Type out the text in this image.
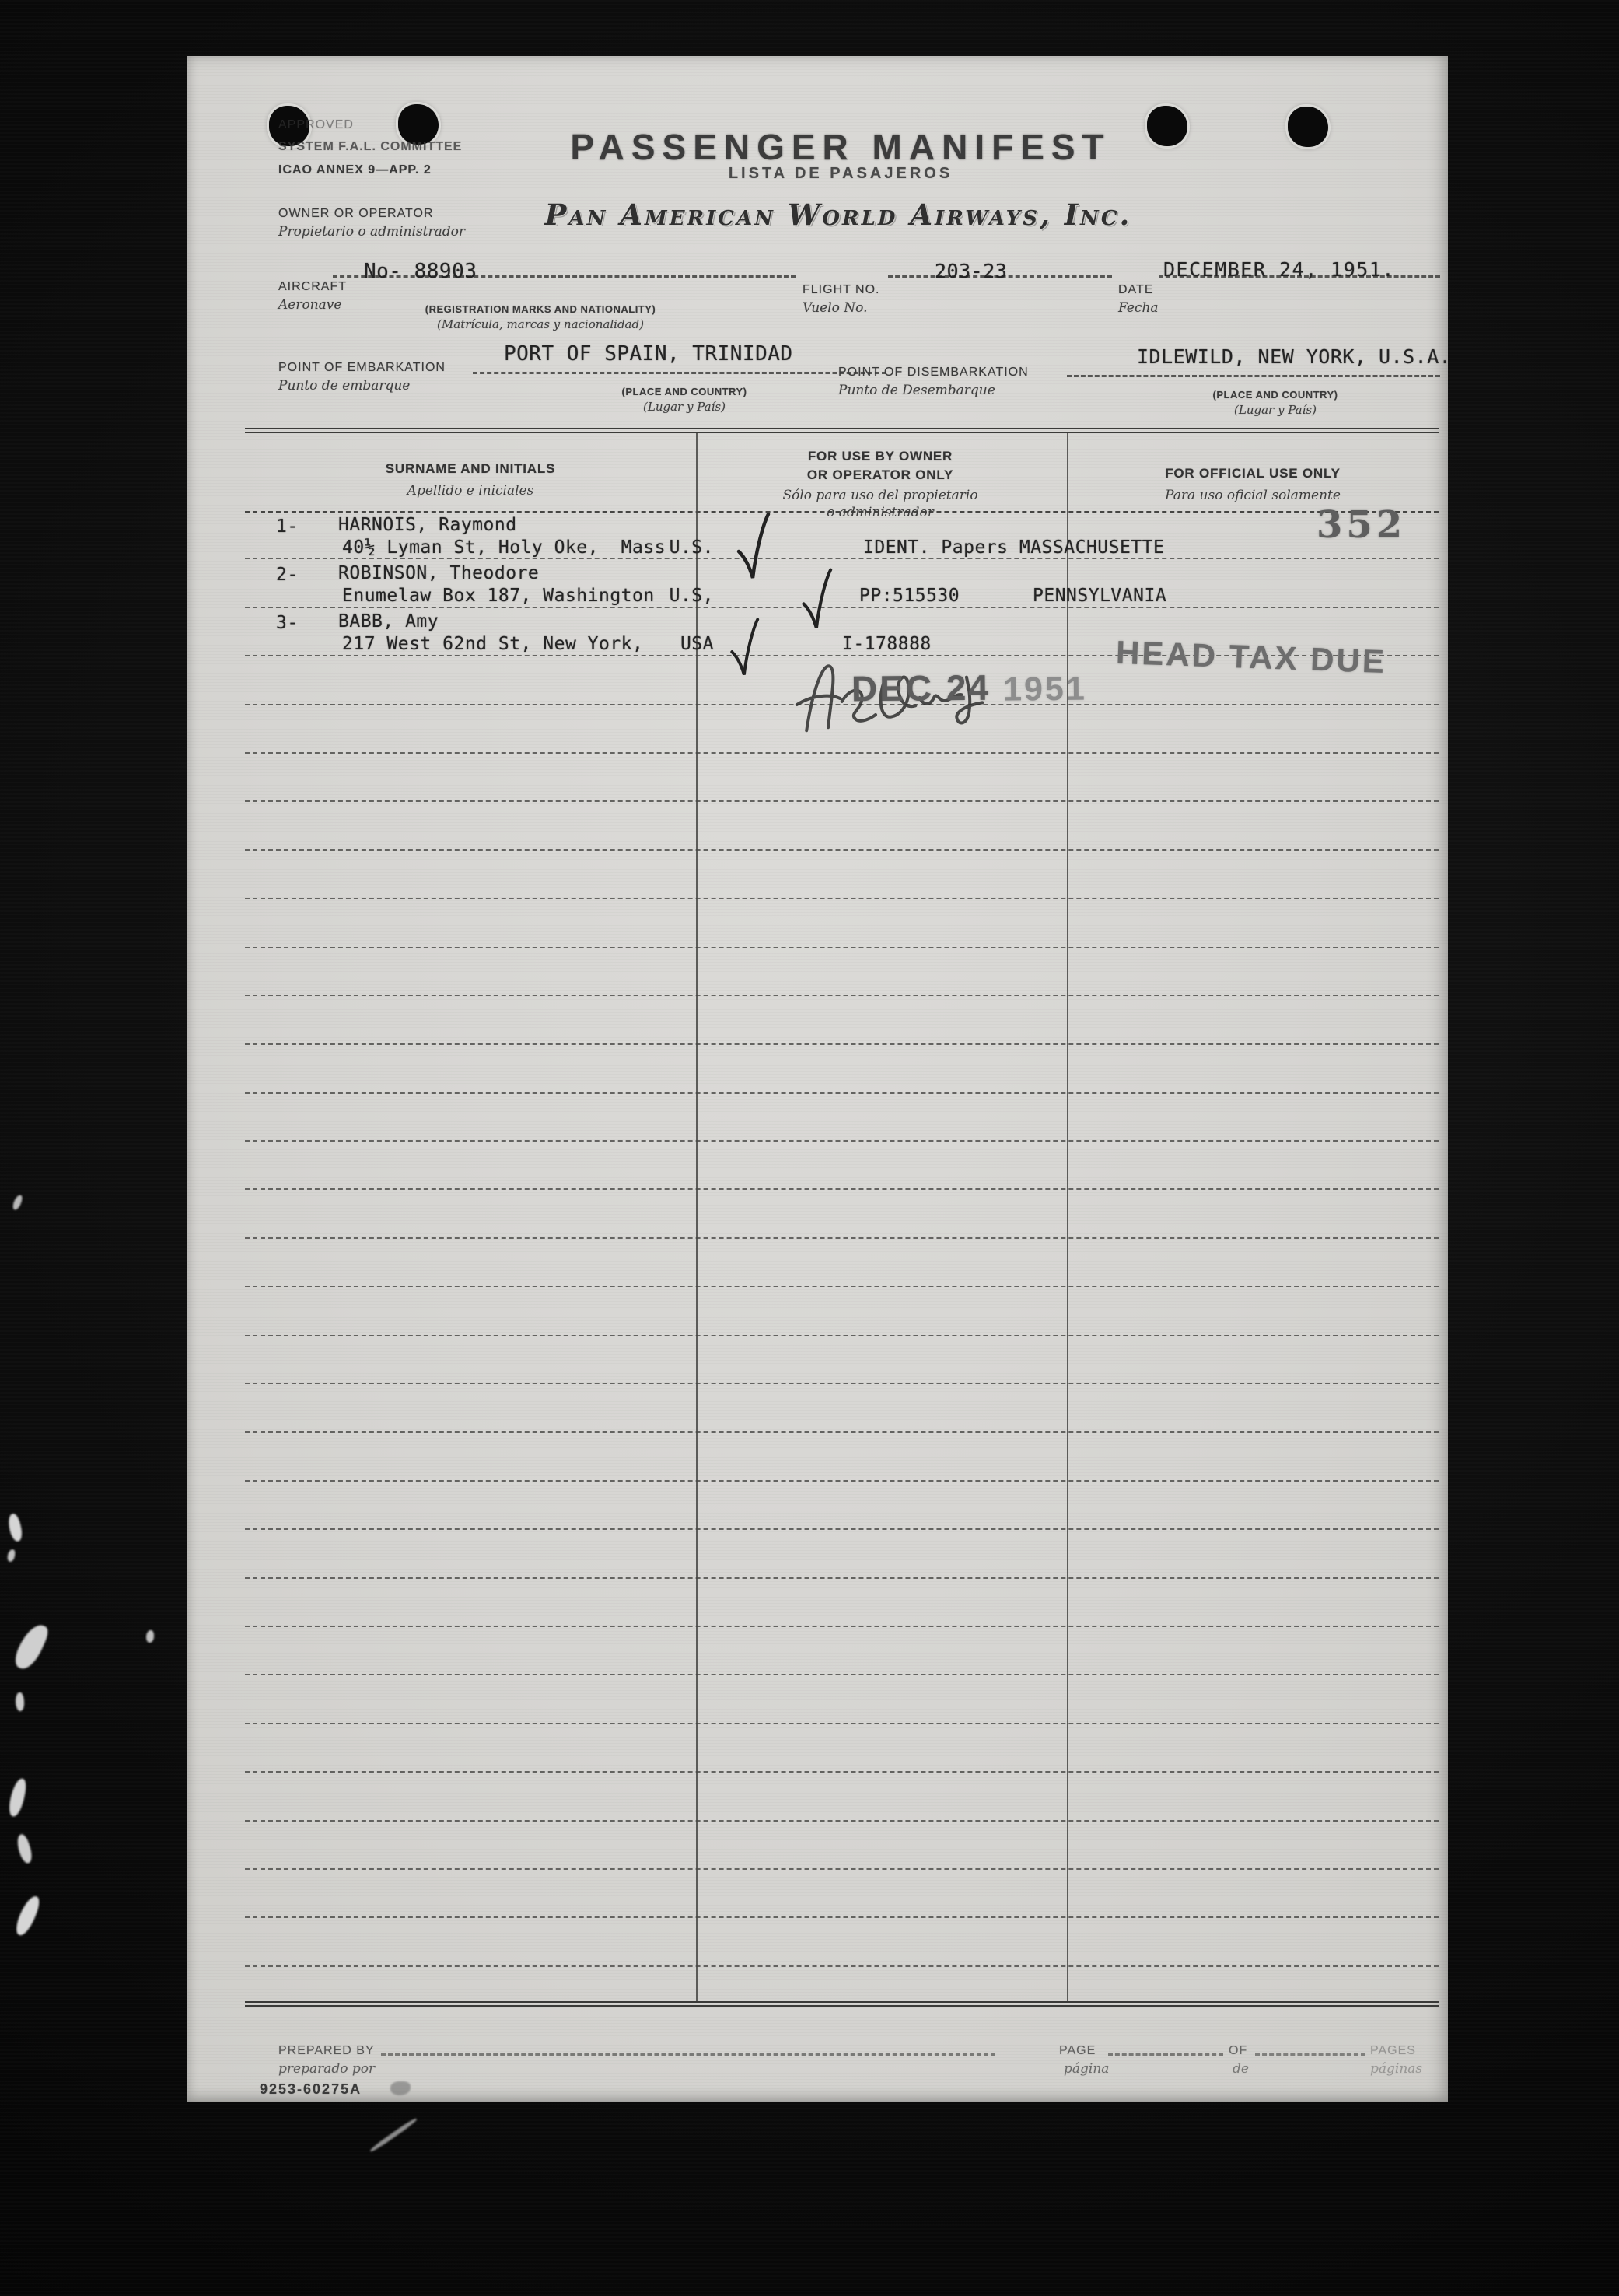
APPROVED
SYSTEM F.A.L. COMMITTEE
ICAO ANNEX 9—APP. 2
PASSENGER MANIFEST
LISTA DE PASAJEROS
Pan American World Airways, Inc.
OWNER OR OPERATOR
Propietario o administrador
AIRCRAFT
Aeronave
No- 88903
(REGISTRATION MARKS AND NATIONALITY)
(Matrícula, marcas y nacionalidad)
FLIGHT NO.
Vuelo No.
203-23
DATE
Fecha
DECEMBER 24, 1951.
POINT OF EMBARKATION
Punto de embarque
PORT OF SPAIN, TRINIDAD
(PLACE AND COUNTRY)
(Lugar y País)
POINT OF DISEMBARKATION
Punto de Desembarque
IDLEWILD, NEW YORK, U.S.A.
(PLACE AND COUNTRY)
(Lugar y País)
SURNAME AND INITIALS
Apellido e iniciales
FOR USE BY OWNER
OR OPERATOR ONLY
Sólo para uso del propietario
o administrador
FOR OFFICIAL USE ONLY
Para uso oficial solamente
1- HARNOIS, Raymond
40½ Lyman St, Holy Oke,  Mass U.S.	IDENT. Papers MASSACHUSETTE
352
2- ROBINSON, Theodore
Enumelaw Box 187, Washington U.S,	PP:515530	PENNSYLVANIA
3- BABB, Amy
217 West 62nd St, New York, USA	I-178888	HEAD TAX DUE
DEC 24 1951
PREPARED BY
preparado por
PAGE
página
OF
de
PAGES
páginas
9253-60275A
